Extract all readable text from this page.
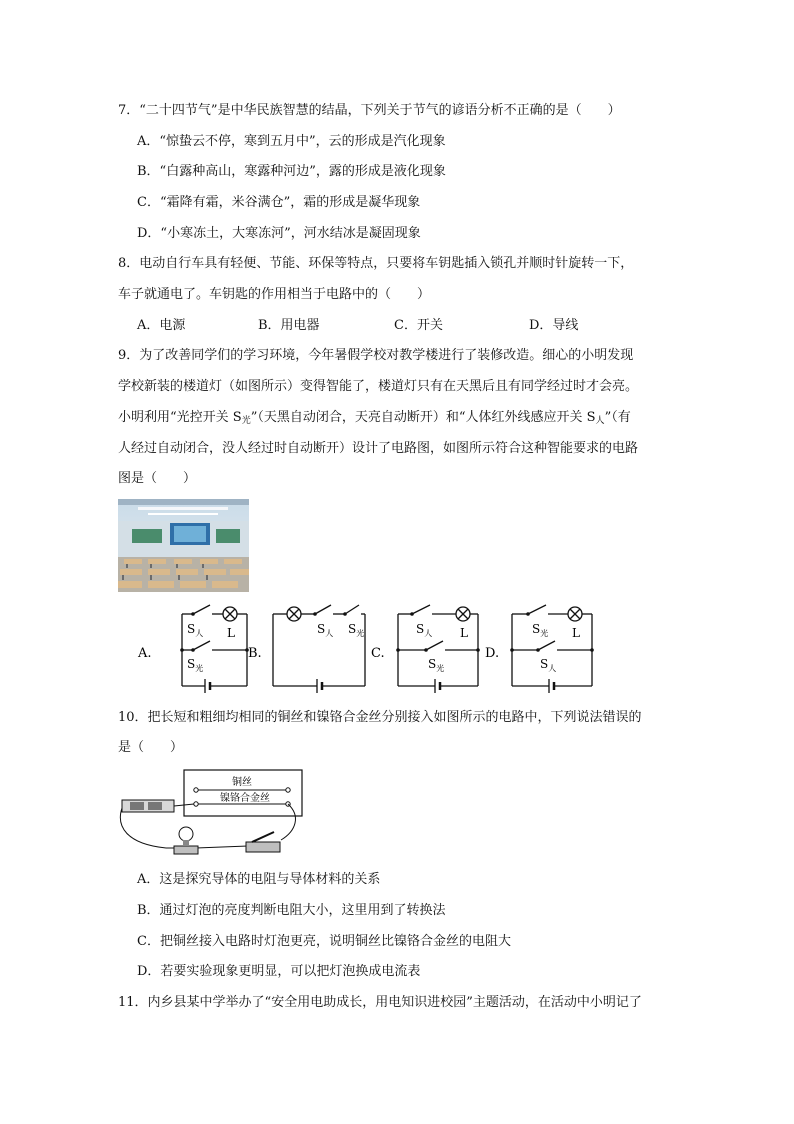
7．“二十四节气”是中华民族智慧的结晶，下列关于节气的谚语分析不正确的是（　　）
A．“惊蛰云不停，寒到五月中”，云的形成是汽化现象
B．“白露种高山，寒露种河边”，露的形成是液化现象
C．“霜降有霜，米谷满仓”，霜的形成是凝华现象
D．“小寒冻土，大寒冻河”，河水结冰是凝固现象
8．电动自行车具有轻便、节能、环保等特点，只要将车钥匙插入锁孔并顺时针旋转一下，
车子就通电了。车钥匙的作用相当于电路中的（　　）
A．电源	B．用电器	C．开关	D．导线
9．为了改善同学们的学习环境，今年暑假学校对教学楼进行了装修改造。细心的小明发现
学校新装的楼道灯（如图所示）变得智能了，楼道灯只有在天黑后且有同学经过时才会亮。
小明利用“光控开关 $S_光$”（天黑自动闭合，天亮自动断开）和“人体红外线感应开关 $S_人$”（有
人经过自动闭合，没人经过时自动断开）设计了电路图，如图所示符合这种智能要求的电路
图是（　　）
A.
$S_人$ L
$S_光$
B.
$S_人$ $S_光$
C.
$S_人$ L
$S_光$
D.
$S_光$ L
$S_人$
10．把长短和粗细均相同的铜丝和镍铬合金丝分别接入如图所示的电路中，下列说法错误的
是（　　）
铜丝
镍铬合金丝
A．这是探究导体的电阻与导体材料的关系
B．通过灯泡的亮度判断电阻大小，这里用到了转换法
C．把铜丝接入电路时灯泡更亮，说明铜丝比镍铬合金丝的电阻大
D．若要实验现象更明显，可以把灯泡换成电流表
11．内乡县某中学举办了“安全用电助成长，用电知识进校园”主题活动，在活动中小明记了
